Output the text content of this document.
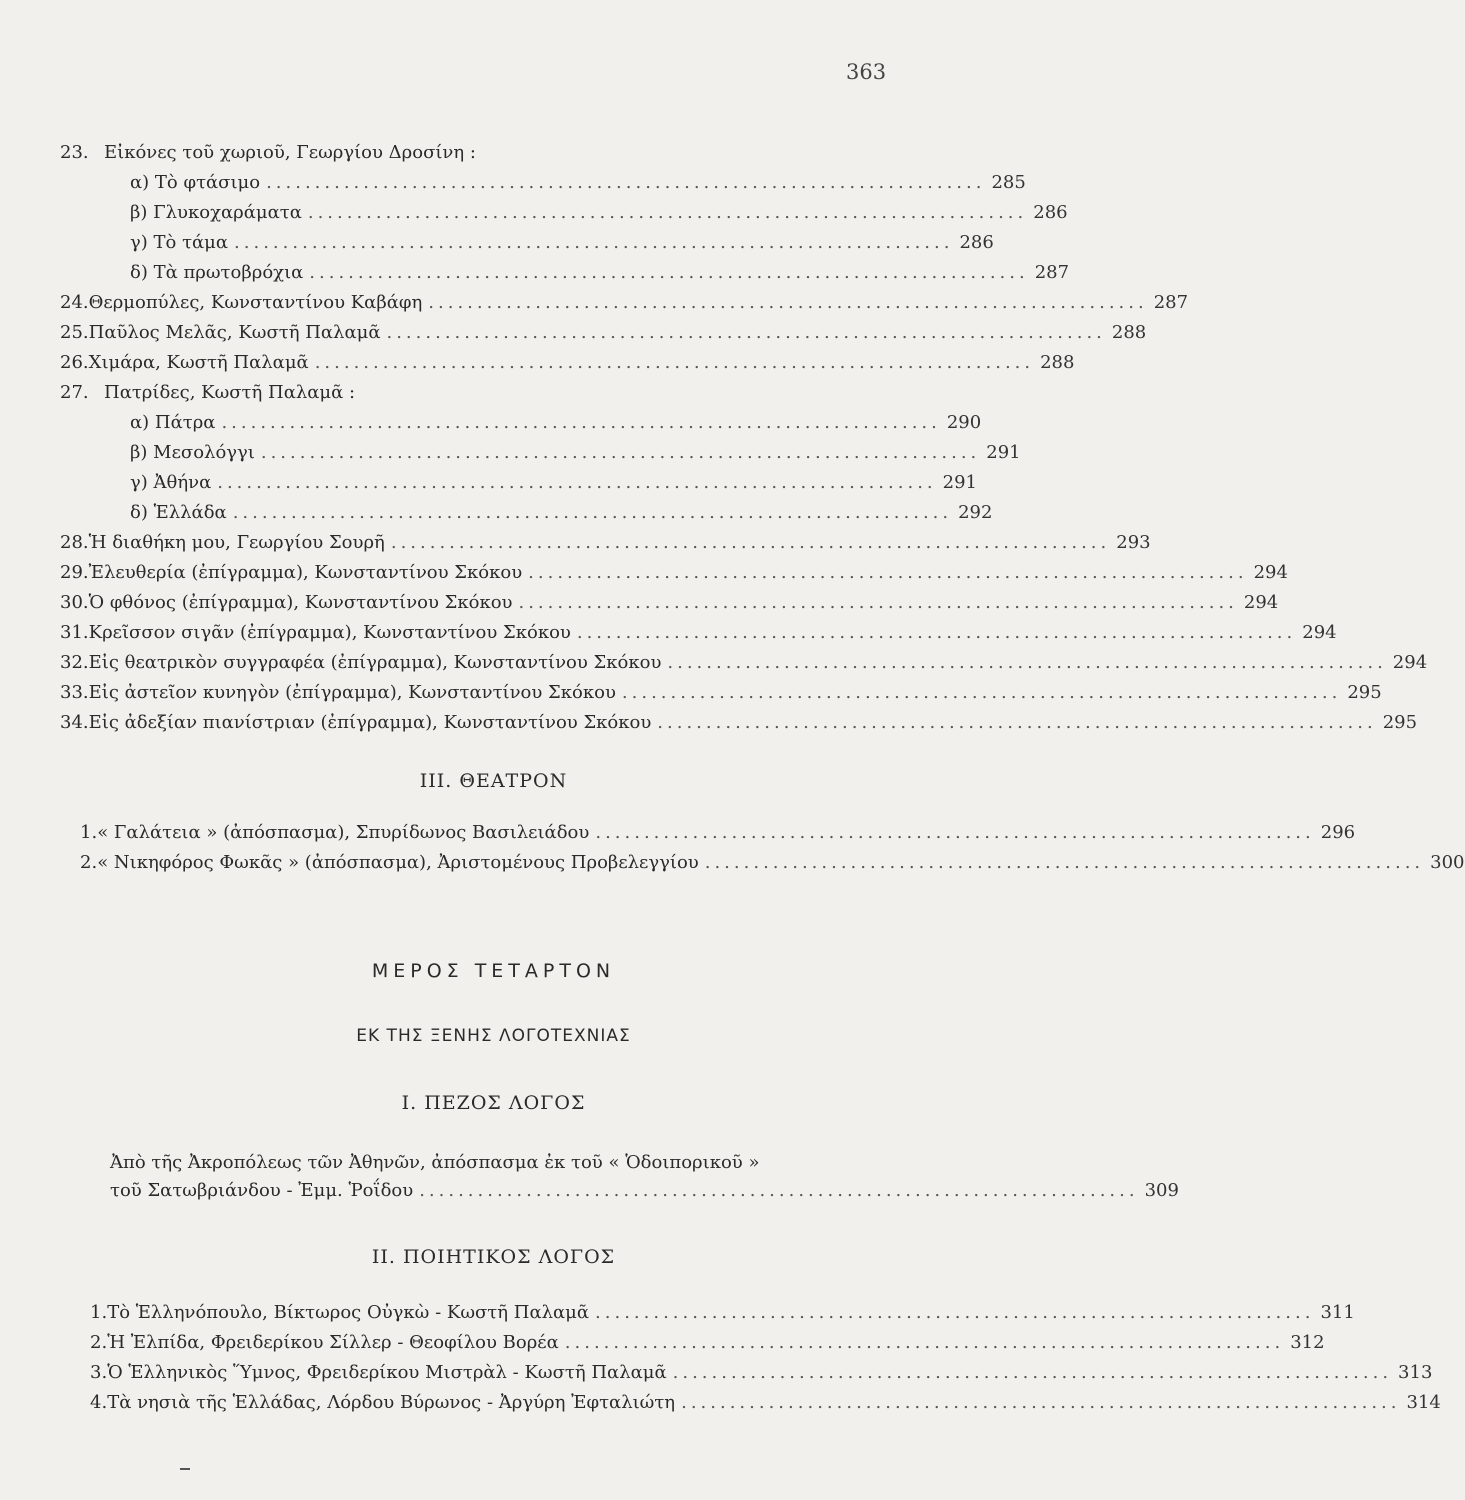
363
23. Εἰκόνες τοῦ χωριοῦ, Γεωργίου Δροσίνη :
α) Τὸ φτάσιμο .......................................................................... 285
β) Γλυκοχαράματα .......................................................................... 286
γ) Τὸ τάμα .......................................................................... 286
δ) Τὰ πρωτοβρόχια .......................................................................... 287
24. Θερμοπύλες, Κωνσταντίνου Καβάφη .......................................................................... 287
25. Παῦλος Μελᾶς, Κωστῆ Παλαμᾶ .......................................................................... 288
26. Χιμάρα, Κωστῆ Παλαμᾶ .......................................................................... 288
27. Πατρίδες, Κωστῆ Παλαμᾶ :
α) Πάτρα .......................................................................... 290
β) Μεσολόγγι .......................................................................... 291
γ) Ἀθήνα .......................................................................... 291
δ) Ἑλλάδα .......................................................................... 292
28. Ἡ διαθήκη μου, Γεωργίου Σουρῆ .......................................................................... 293
29. Ἐλευθερία (ἐπίγραμμα), Κωνσταντίνου Σκόκου .......................................................................... 294
30. Ὁ φθόνος (ἐπίγραμμα), Κωνσταντίνου Σκόκου .......................................................................... 294
31. Κρεῖσσον σιγᾶν (ἐπίγραμμα), Κωνσταντίνου Σκόκου .......................................................................... 294
32. Εἰς θεατρικὸν συγγραφέα (ἐπίγραμμα), Κωνσταντίνου Σκόκου .......................................................................... 294
33. Εἰς ἀστεῖον κυνηγὸν (ἐπίγραμμα), Κωνσταντίνου Σκόκου .......................................................................... 295
34. Εἰς ἀδεξίαν πιανίστριαν (ἐπίγραμμα), Κωνσταντίνου Σκόκου .......................................................................... 295
ΙΙΙ. ΘΕΑΤΡΟΝ
1. « Γαλάτεια » (ἀπόσπασμα), Σπυρίδωνος Βασιλειάδου .......................................................................... 296
2. « Νικηφόρος Φωκᾶς » (ἀπόσπασμα), Ἀριστομένους Προβελεγγίου .......................................................................... 300
ΜΕΡΟΣ ΤΕΤΑΡΤΟΝ
ΕΚ ΤΗΣ ΞΕΝΗΣ ΛΟΓΟΤΕΧΝΙΑΣ
Ι. ΠΕΖΟΣ ΛΟΓΟΣ
Ἀπὸ τῆς Ἀκροπόλεως τῶν Ἀθηνῶν, ἀπόσπασμα ἐκ τοῦ « Ὁδοιπορικοῦ »
τοῦ Σατωβριάνδου - Ἐμμ. Ῥοΐδου .......................................................................... 309
ΙΙ. ΠΟΙΗΤΙΚΟΣ ΛΟΓΟΣ
1. Τὸ Ἑλληνόπουλο, Βίκτωρος Οὐγκὼ - Κωστῆ Παλαμᾶ .......................................................................... 311
2. Ἡ Ἐλπίδα, Φρειδερίκου Σίλλερ - Θεοφίλου Βορέα .......................................................................... 312
3. Ὁ Ἑλληνικὸς Ὕμνος, Φρειδερίκου Μιστρὰλ - Κωστῆ Παλαμᾶ .......................................................................... 313
4. Τὰ νησιὰ τῆς Ἑλλάδας, Λόρδου Βύρωνος - Ἀργύρη Ἐφταλιώτη .......................................................................... 314
